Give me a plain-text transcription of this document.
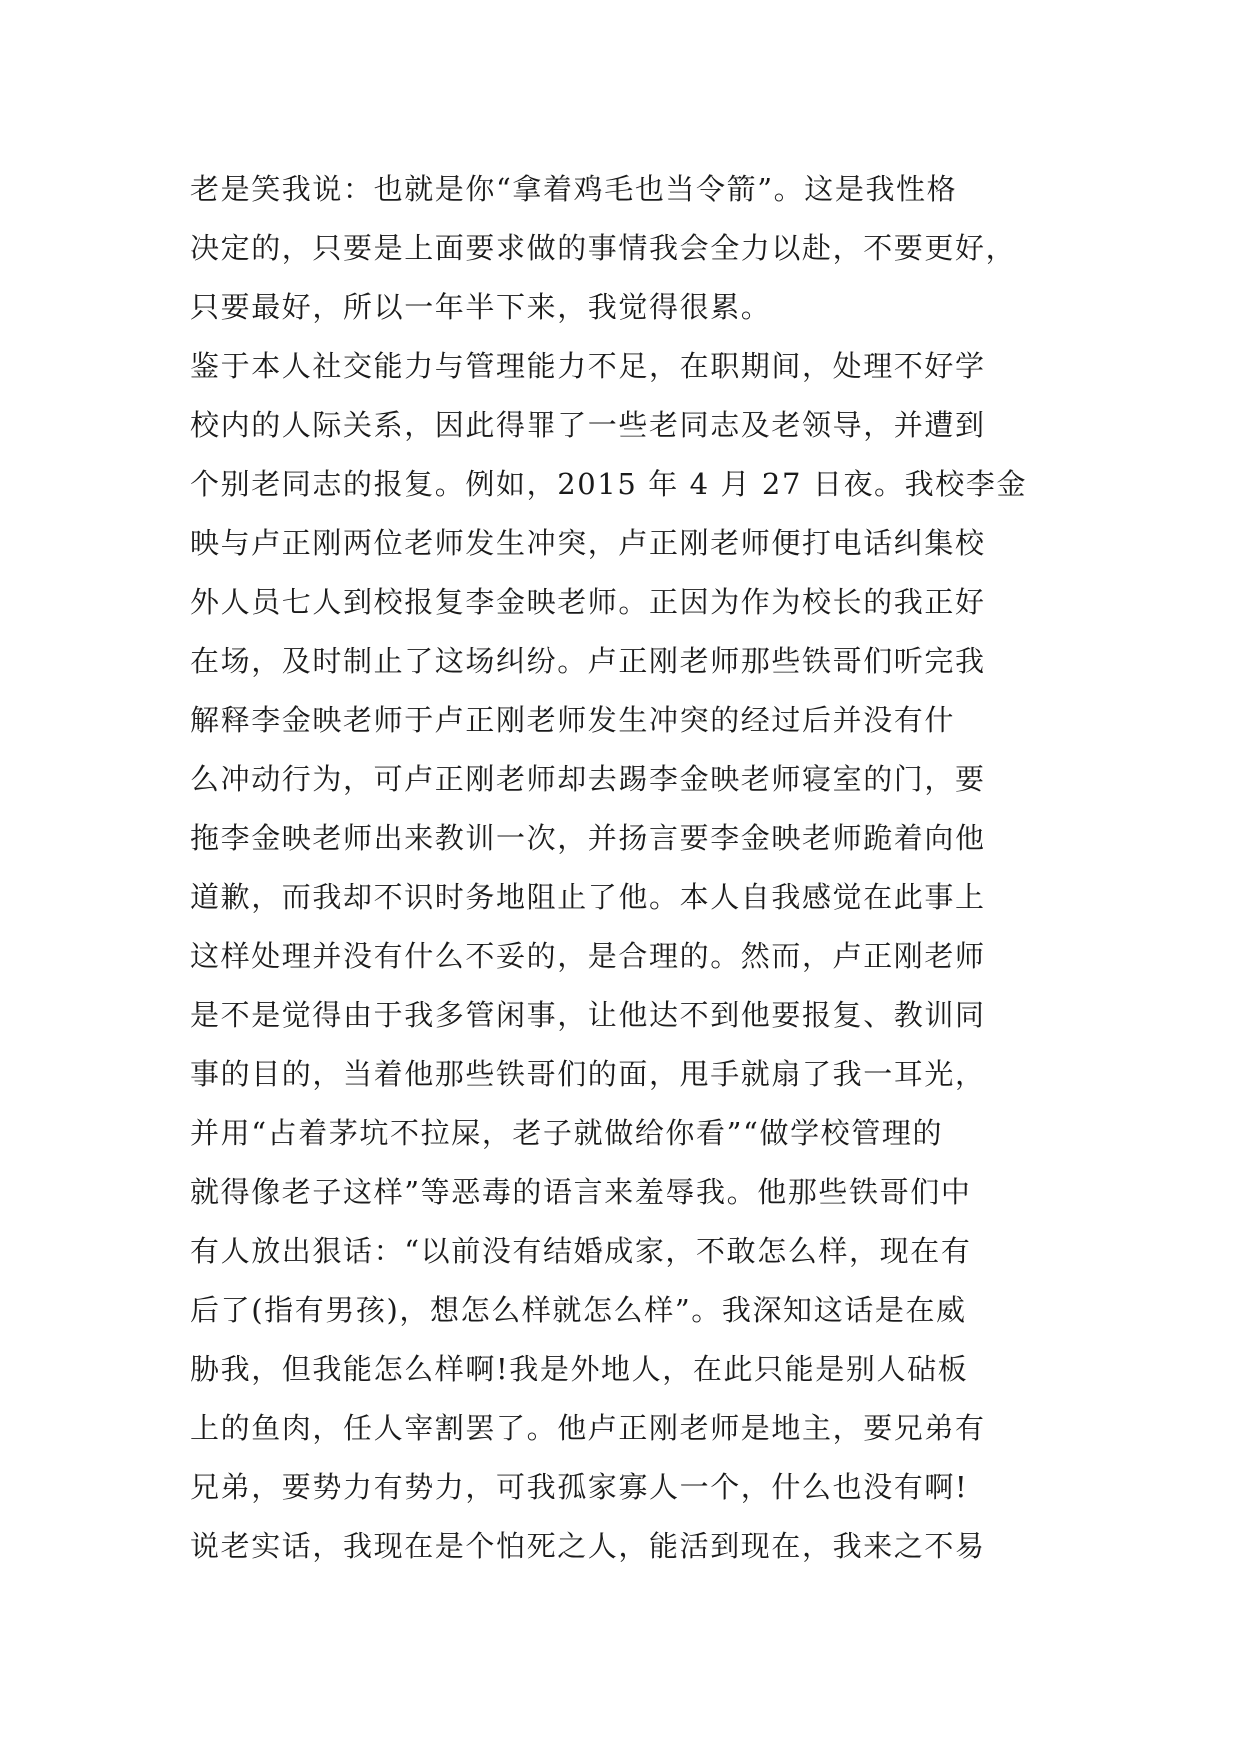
老是笑我说：也就是你“拿着鸡毛也当令箭”。这是我性格
决定的，只要是上面要求做的事情我会全力以赴，不要更好，
只要最好，所以一年半下来，我觉得很累。
鉴于本人社交能力与管理能力不足，在职期间，处理不好学
校内的人际关系，因此得罪了一些老同志及老领导，并遭到
个别老同志的报复。例如，2015 年 4 月 27 日夜。我校李金
映与卢正刚两位老师发生冲突，卢正刚老师便打电话纠集校
外人员七人到校报复李金映老师。正因为作为校长的我正好
在场，及时制止了这场纠纷。卢正刚老师那些铁哥们听完我
解释李金映老师于卢正刚老师发生冲突的经过后并没有什
么冲动行为，可卢正刚老师却去踢李金映老师寝室的门，要
拖李金映老师出来教训一次，并扬言要李金映老师跪着向他
道歉，而我却不识时务地阻止了他。本人自我感觉在此事上
这样处理并没有什么不妥的，是合理的。然而，卢正刚老师
是不是觉得由于我多管闲事，让他达不到他要报复、教训同
事的目的，当着他那些铁哥们的面，甩手就扇了我一耳光，
并用“占着茅坑不拉屎，老子就做给你看”“做学校管理的
就得像老子这样”等恶毒的语言来羞辱我。他那些铁哥们中
有人放出狠话：“以前没有结婚成家，不敢怎么样，现在有
后了(指有男孩)，想怎么样就怎么样”。我深知这话是在威
胁我，但我能怎么样啊!我是外地人，在此只能是别人砧板
上的鱼肉，任人宰割罢了。他卢正刚老师是地主，要兄弟有
兄弟，要势力有势力，可我孤家寡人一个，什么也没有啊!
说老实话，我现在是个怕死之人，能活到现在，我来之不易
